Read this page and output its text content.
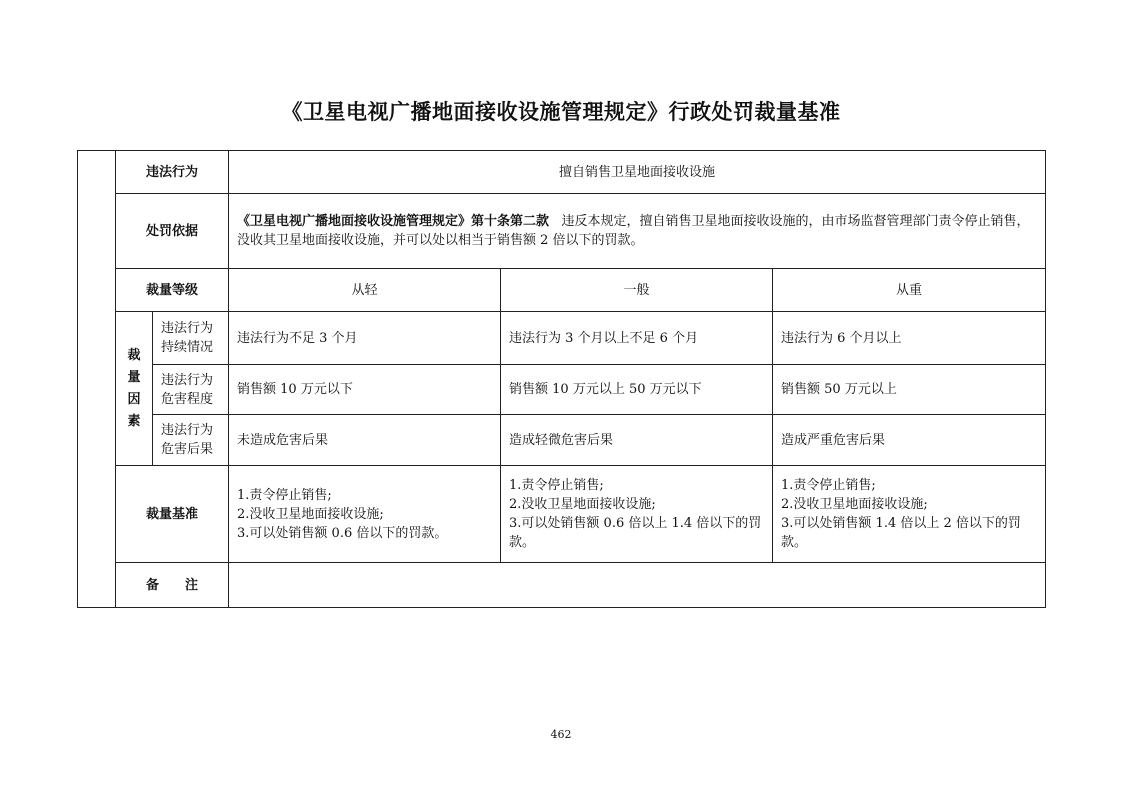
《卫星电视广播地面接收设施管理规定》行政处罚裁量基准
	违法行为		擅自销售卫星地面接收设施		
	处罚依据		《卫星电视广播地面接收设施管理规定》第十条第二款 违反本规定，擅自销售卫星地面接收设施的，由市场监督管理部门责令停止销售，没收其卫星地面接收设施，并可以处以相当于销售额 2 倍以下的罚款。		
	裁量等级		从轻	一般	从重
	裁量因素	违法行为持续情况	违法行为不足 3 个月	违法行为 3 个月以上不足 6 个月	违法行为 6 个月以上
		违法行为危害程度	销售额 10 万元以下	销售额 10 万元以上 50 万元以下	销售额 50 万元以上
		违法行为危害后果	未造成危害后果	造成轻微危害后果	造成严重危害后果
	裁量基准		1.责令停止销售;
2.没收卫星地面接收设施;
3.可以处销售额 0.6 倍以下的罚款。	1.责令停止销售;
2.没收卫星地面接收设施;
3.可以处销售额 0.6 倍以上 1.4 倍以下的罚款。	1.责令停止销售;
2.没收卫星地面接收设施;
3.可以处销售额 1.4 倍以上 2 倍以下的罚款。

	备　　注				
462
